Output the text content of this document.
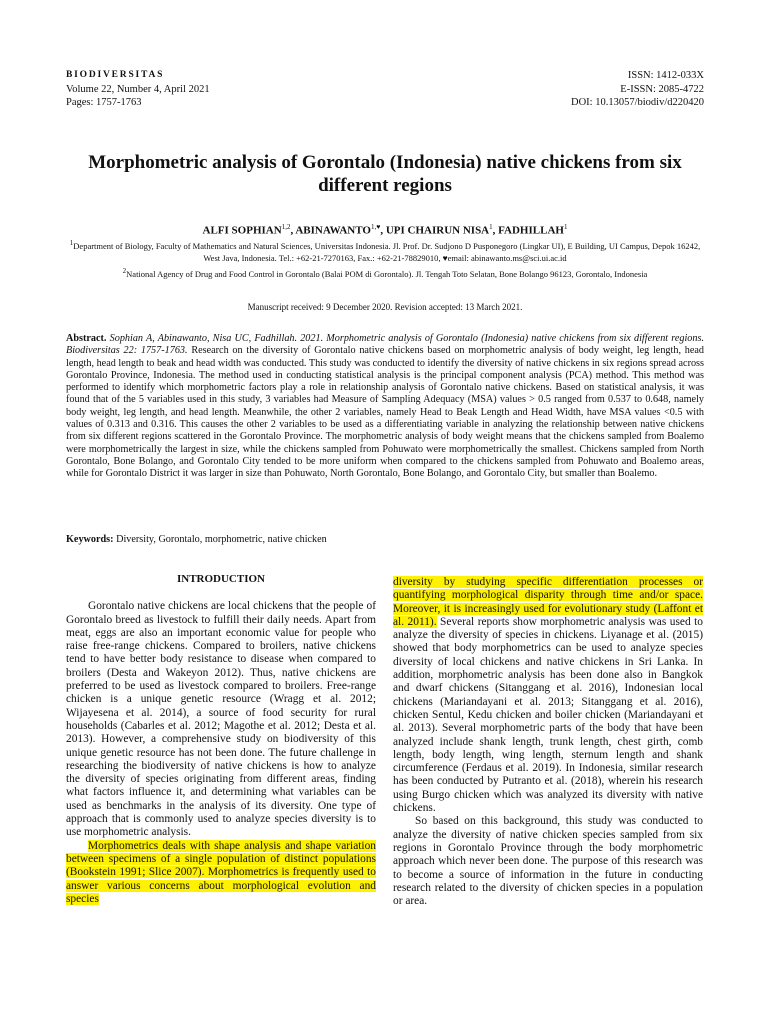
BIODIVERSITAS
Volume 22, Number 4, April 2021
Pages: 1757-1763
ISSN: 1412-033X
E-ISSN: 2085-4722
DOI: 10.13057/biodiv/d220420
Morphometric analysis of Gorontalo (Indonesia) native chickens from six different regions
ALFI SOPHIAN$^{1,2}$, $ABINAWANTO^{1,♥}$, UPI CHAIRUN NISA$^1$, FADHILLAH$^1$
$^1$Department of Biology, Faculty of Mathematics and Natural Sciences, Universitas Indonesia. Jl. Prof. Dr. Sudjono D Pusponegoro (Lingkar UI), E Building, UI Campus, Depok 16242, West Java, Indonesia. Tel.: +62-21-7270163, Fax.: +62-21-78829010, ♥email: abinawanto.ms@sci.ui.ac.id
$^2$National Agency of Drug and Food Control in Gorontalo (Balai POM di Gorontalo). Jl. Tengah Toto Selatan, Bone Bolango 96123, Gorontalo, Indonesia
Manuscript received: 9 December 2020. Revision accepted: 13 March 2021.
Abstract. Sophian A, Abinawanto, Nisa UC, Fadhillah. 2021. Morphometric analysis of Gorontalo (Indonesia) native chickens from six different regions. Biodiversitas 22: 1757-1763. Research on the diversity of Gorontalo native chickens based on morphometric analysis of body weight, leg length, head length, head length to beak and head width was conducted. This study was conducted to identify the diversity of native chickens in six regions spread across Gorontalo Province, Indonesia. The method used in conducting statistical analysis is the principal component analysis (PCA) method. This method was performed to identify which morphometric factors play a role in relationship analysis of Gorontalo native chickens. Based on statistical analysis, it was found that of the 5 variables used in this study, 3 variables had Measure of Sampling Adequacy (MSA) values > 0.5 ranged from 0.537 to 0.648, namely body weight, leg length, and head length. Meanwhile, the other 2 variables, namely Head to Beak Length and Head Width, have MSA values <0.5 with values of 0.313 and 0.316. This causes the other 2 variables to be used as a differentiating variable in analyzing the relationship between native chickens from six different regions scattered in the Gorontalo Province. The morphometric analysis of body weight means that the chickens sampled from Boalemo were morphometrically the largest in size, while the chickens sampled from Pohuwato were morphometrically the smallest. Chickens sampled from North Gorontalo, Bone Bolango, and Gorontalo City tended to be more uniform when compared to the chickens sampled from Pohuwato and Boalemo areas, while for Gorontalo District it was larger in size than Pohuwato, North Gorontalo, Bone Bolango, and Gorontalo City, but smaller than Boalemo.
Keywords: Diversity, Gorontalo, morphometric, native chicken
INTRODUCTION

Gorontalo native chickens are local chickens that the people of Gorontalo breed as livestock to fulfill their daily needs. Apart from meat, eggs are also an important economic value for people who raise free-range chickens. Compared to broilers, native chickens tend to have better body resistance to disease when compared to broilers (Desta and Wakeyon 2012). Thus, native chickens are preferred to be used as livestock compared to broilers. Free-range chicken is a unique genetic resource (Wragg et al. 2012; Wijayesena et al. 2014), a source of food security for rural households (Cabarles et al. 2012; Magothe et al. 2012; Desta et al. 2013). However, a comprehensive study on biodiversity of this unique genetic resource has not been done. The future challenge in researching the biodiversity of native chickens is how to analyze the diversity of species originating from different areas, finding what factors influence it, and determining what variables can be used as benchmarks in the analysis of its diversity. One type of approach that is commonly used to analyze species diversity is to use morphometric analysis.

Morphometrics deals with shape analysis and shape variation between specimens of a single population of distinct populations (Bookstein 1991; Slice 2007). Morphometrics is frequently used to answer various concerns about morphological evolution and species

diversity by studying specific differentiation processes or quantifying morphological disparity through time and/or space. Moreover, it is increasingly used for evolutionary study (Laffont et al. 2011). Several reports show morphometric analysis was used to analyze the diversity of species in chickens. Liyanage et al. (2015) showed that body morphometrics can be used to analyze species diversity of local chickens and native chickens in Sri Lanka. In addition, morphometric analysis has been done also in Bangkok and dwarf chickens (Sitanggang et al. 2016), Indonesian local chickens (Mariandayani et al. 2013; Sitanggang et al. 2016), chicken Sentul, Kedu chicken and boiler chicken (Mariandayani et al. 2013). Several morphometric parts of the body that have been analyzed include shank length, trunk length, chest girth, comb length, body length, wing length, sternum length and shank circumference (Ferdaus et al. 2019). In Indonesia, similar research has been conducted by Putranto et al. (2018), wherein his research using Burgo chicken which was analyzed its diversity with native chickens.

So based on this background, this study was conducted to analyze the diversity of native chicken species sampled from six regions in Gorontalo Province through the body morphometric approach which never been done. The purpose of this research was to become a source of information in the future in conducting research related to the diversity of chicken species in a population or area.
